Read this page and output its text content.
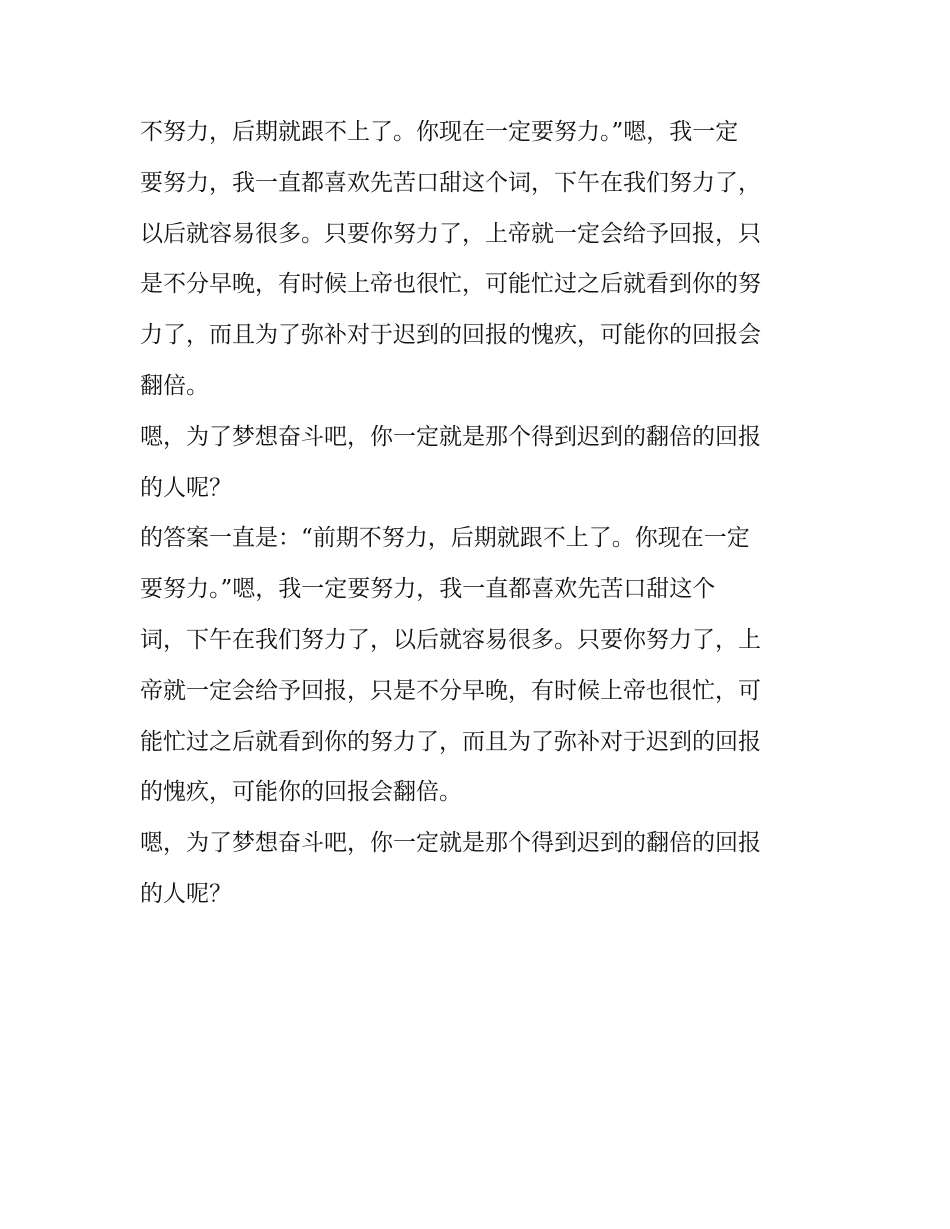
不努力，后期就跟不上了。你现在一定要努力。”嗯，我一定
要努力，我一直都喜欢先苦口甜这个词，下午在我们努力了，
以后就容易很多。只要你努力了，上帝就一定会给予回报，只
是不分早晚，有时候上帝也很忙，可能忙过之后就看到你的努
力了，而且为了弥补对于迟到的回报的愧疚，可能你的回报会
翻倍。
嗯，为了梦想奋斗吧，你一定就是那个得到迟到的翻倍的回报
的人呢？
的答案一直是：“前期不努力，后期就跟不上了。你现在一定
要努力。”嗯，我一定要努力，我一直都喜欢先苦口甜这个
词，下午在我们努力了，以后就容易很多。只要你努力了，上
帝就一定会给予回报，只是不分早晚，有时候上帝也很忙，可
能忙过之后就看到你的努力了，而且为了弥补对于迟到的回报
的愧疚，可能你的回报会翻倍。
嗯，为了梦想奋斗吧，你一定就是那个得到迟到的翻倍的回报
的人呢？
